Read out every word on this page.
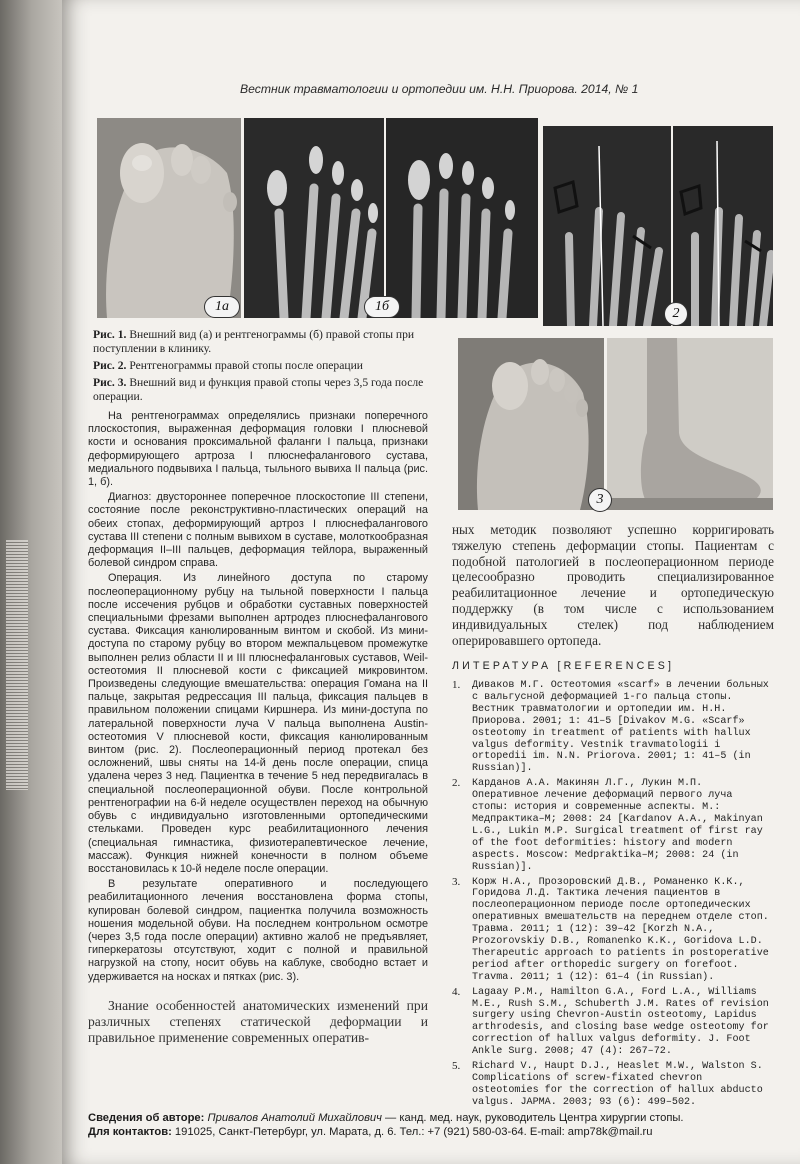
Вестник травматологии и ортопедии им. Н.Н. Приорова. 2014, № 1
1а	1б	2
3

Рис. 1. Внешний вид (а) и рентгенограммы (б) правой стопы при поступлении в клинику.

Рис. 2. Рентгенограммы правой стопы после операции

Рис. 3. Внешний вид и функция правой стопы через 3,5 года после операции.

На рентгенограммах определялись признаки поперечного плоскостопия, выраженная деформация головки I плюсневой кости и основания проксимальной фаланги I пальца, признаки деформирующего артроза I плюснефалангового сустава, медиального подвывиха I пальца, тыльного вывиха II пальца (рис. 1, б).

Диагноз: двустороннее поперечное плоскостопие III степени, состояние после реконструктивно-пластических операций на обеих стопах, деформирующий артроз I плюснефалангового сустава III степени с полным вывихом в суставе, молоткообразная деформация II–III пальцев, деформация тейлора, выраженный болевой синдром справа.

Операция. Из линейного доступа по старому послеоперационному рубцу на тыльной поверхности I пальца после иссечения рубцов и обработки суставных поверхностей специальными фрезами выполнен артродез плюснефалангового сустава. Фиксация канюлированным винтом и скобой. Из мини-доступа по старому рубцу во втором межпальцевом промежутке выполнен релиз области II и III плюснефаланговых суставов, Weil-остеотомия II плюсневой кости с фиксацией микровинтом. Произведены следующие вмешательства: операция Гомана на II пальце, закрытая редрессация III пальца, фиксация пальцев в правильном положении спицами Киршнера. Из мини-доступа по латеральной поверхности луча V пальца выполнена Austin-остеотомия V плюсневой кости, фиксация канюлированным винтом (рис. 2). Послеоперационный период протекал без осложнений, швы сняты на 14-й день после операции, спица удалена через 3 нед. Пациентка в течение 5 нед передвигалась в специальной послеоперационной обуви. После контрольной рентгенографии на 6-й неделе осуществлен переход на обычную обувь с индивидуально изготовленными ортопедическими стельками. Проведен курс реабилитационного лечения (специальная гимнастика, физиотерапевтическое лечение, массаж). Функция нижней конечности в полном объеме восстановилась к 10-й неделе после операции.

В результате оперативного и последующего реабилитационного лечения восстановлена форма стопы, купирован болевой синдром, пациентка получила возможность ношения модельной обуви. На последнем контрольном осмотре (через 3,5 года после операции) активно жалоб не предъявляет, гиперкератозы отсутствуют, ходит с полной и правильной нагрузкой на стопу, носит обувь на каблуке, свободно встает и удерживается на носках и пятках (рис. 3).

Знание особенностей анатомических изменений при различных степенях статической деформации и правильное применение современных оператив-

ных методик позволяют успешно корригировать тяжелую степень деформации стопы. Пациентам с подобной патологией в послеоперационном периоде целесообразно проводить специализированное реабилитационное лечение и ортопедическую поддержку (в том числе с использованием индивидуальных стелек) под наблюдением оперировавшего ортопеда.
ЛИТЕРАТУРА [REFERENCES]
1.	Диваков М.Г. Остеотомия «scarf» в лечении больных с вальгусной деформацией 1-го пальца стопы. Вестник травматологии и ортопедии им. Н.Н. Приорова. 2001; 1: 41–5 [Divakov M.G. «Scarf» osteotomy in treatment of patients with hallux valgus deformity. Vestnik travmatologii i ortopedii im. N.N. Priorova. 2001; 1: 41–5 (in Russian)].
2.	Карданов А.А. Макинян Л.Г., Лукин М.П. Оперативное лечение деформаций первого луча стопы: история и современные аспекты. М.: Медпрактика–М; 2008: 24 [Kardanov A.A., Makinyan L.G., Lukin M.P. Surgical treatment of first ray of the foot deformities: history and modern aspects. Moscow: Medpraktika–M; 2008: 24 (in Russian)].
3.	Корж Н.А., Прозоровский Д.В., Романенко К.К., Горидова Л.Д. Тактика лечения пациентов в послеоперационном периоде после ортопедических оперативных вмешательств на переднем отделе стоп. Травма. 2011; 1 (12): 39–42 [Korzh N.A., Prozorovskiy D.B., Romanenko K.K., Goridova L.D. Therapeutic approach to patients in postoperative period after orthopedic surgery on forefoot. Travma. 2011; 1 (12): 61–4 (in Russian).
4.	Lagaay P.M., Hamilton G.A., Ford L.A., Williams M.E., Rush S.M., Schuberth J.M. Rates of revision surgery using Chevron-Austin osteotomy, Lapidus arthrodesis, and closing base wedge osteotomy for correction of hallux valgus deformity. J. Foot Ankle Surg. 2008; 47 (4): 267–72.
5.	Richard V., Haupt D.J., Heaslet M.W., Walston S. Complications of screw-fixated chevron osteotomies for the correction of hallux abducto valgus. JAPMA. 2003; 93 (6): 499–502.
Сведения об авторе: Привалов Анатолий Михайлович — канд. мед. наук, руководитель Центра хирургии стопы.
Для контактов: 191025, Санкт-Петербург, ул. Марата, д. 6. Тел.: +7 (921) 580-03-64. E-mail: amp78k@mail.ru
